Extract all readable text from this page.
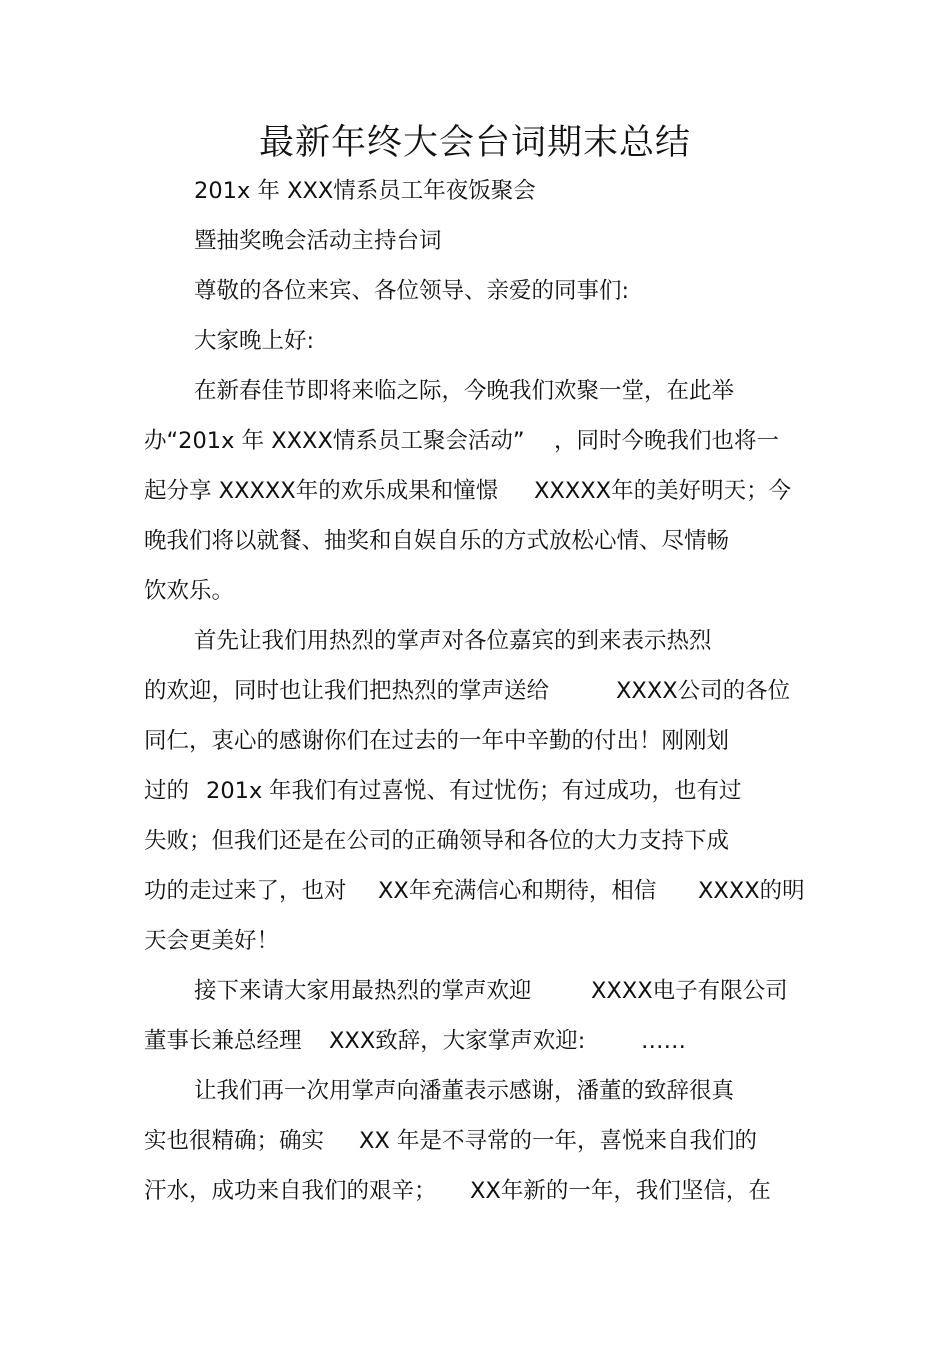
最新年终大会台词期末总结
201x 年 XXX情系员工年夜饭聚会
暨抽奖晚会活动主持台词
尊敬的各位来宾、各位领导、亲爱的同事们:
大家晚上好:
在新春佳节即将来临之际，今晚我们欢聚一堂，在此举
办“201x 年 XXXX情系员工聚会活动” ，同时今晚我们也将一
起分享 XXXXX年的欢乐成果和憧憬 XXXXX年的美好明天；今
晚我们将以就餐、抽奖和自娱自乐的方式放松心情、尽情畅
饮欢乐。
首先让我们用热烈的掌声对各位嘉宾的到来表示热烈
的欢迎，同时也让我们把热烈的掌声送给	XXXX公司的各位
同仁，衷心的感谢你们在过去的一年中辛勤的付出！刚刚划
过的 201x 年我们有过喜悦、有过忧伤；有过成功，也有过
失败；但我们还是在公司的正确领导和各位的大力支持下成
功的走过来了，也对 XX年充满信心和期待，相信 XXXX的明
天会更美好！
接下来请大家用最热烈的掌声欢迎	XXXX电子有限公司
董事长兼总经理 XXX致辞，大家掌声欢迎: ……
让我们再一次用掌声向潘董表示感谢，潘董的致辞很真
实也很精确；确实 XX 年是不寻常的一年，喜悦来自我们的
汗水，成功来自我们的艰辛； XX年新的一年，我们坚信，在
